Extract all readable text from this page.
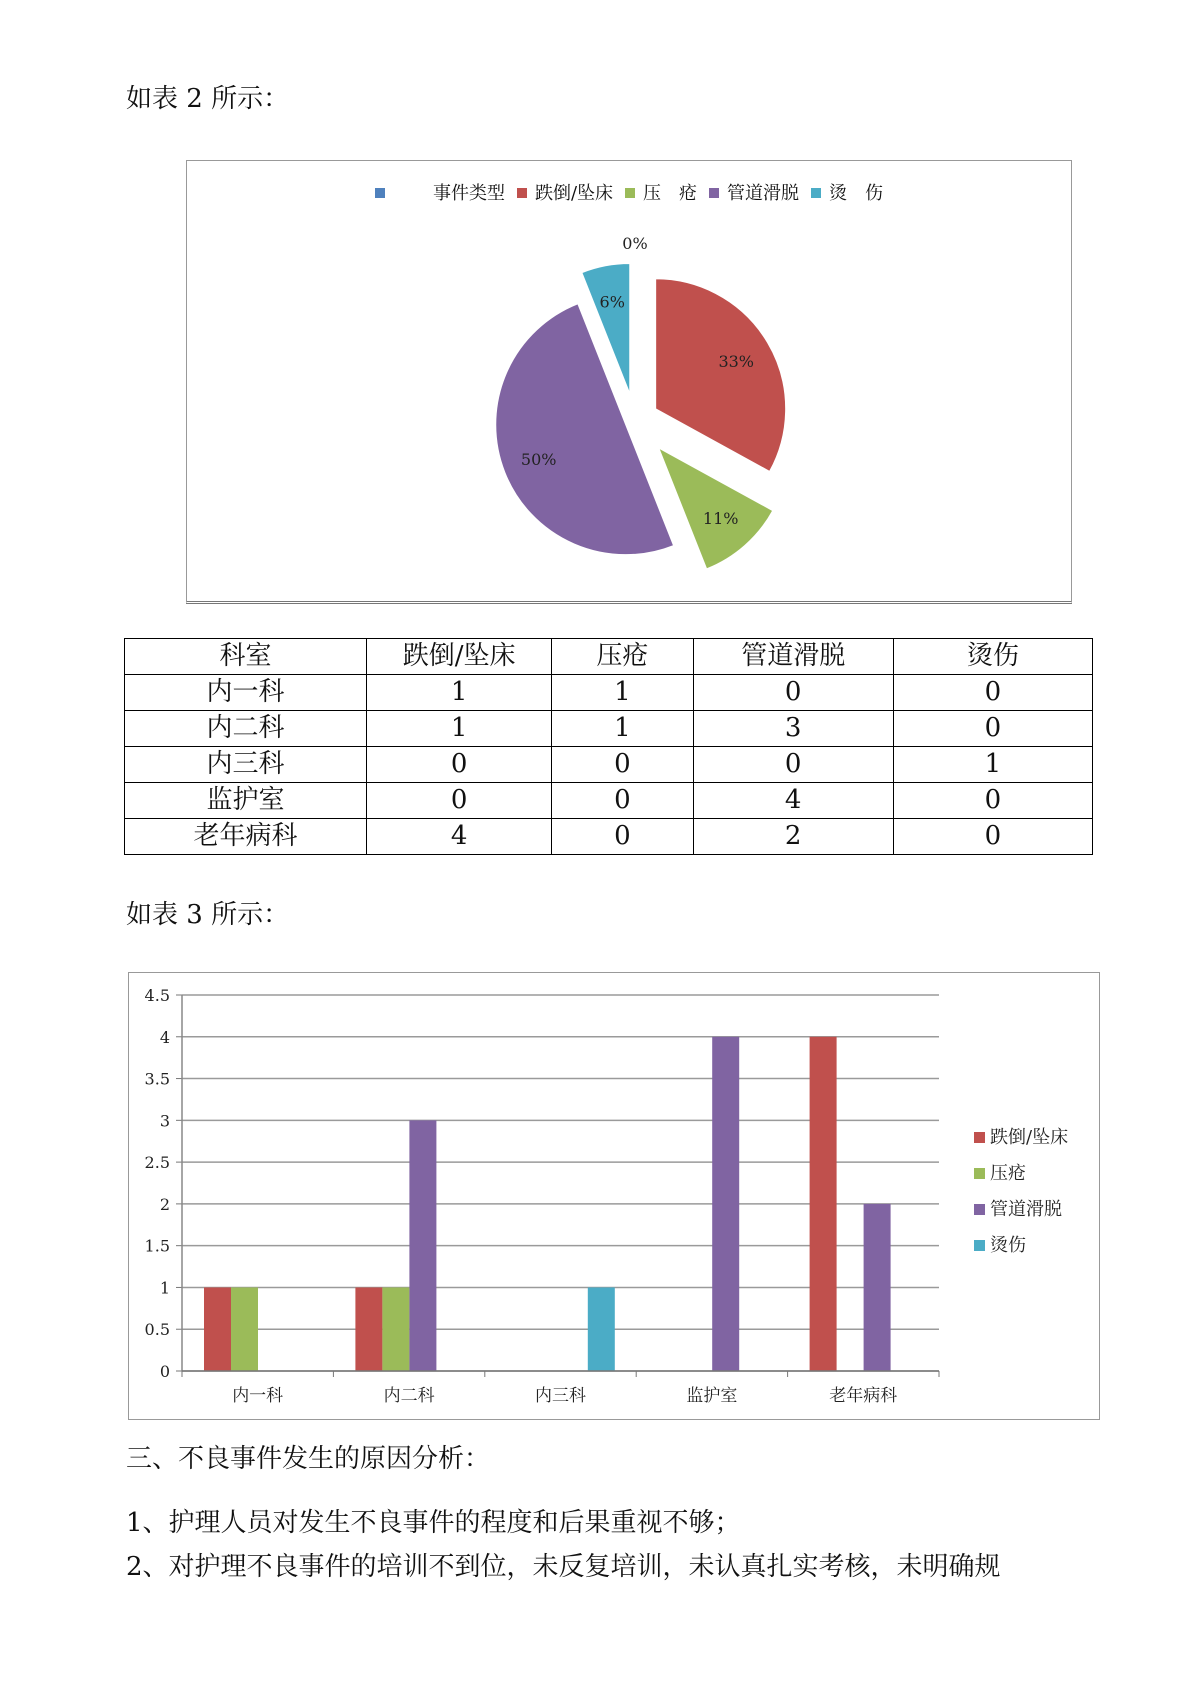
如表 2 所示：
事件类型 跌倒/坠床 压　疮 管道滑脱 烫　伤
0%
33%
11%
50%
6%
科室	跌倒/坠床	压疮	管道滑脱	烫伤
内一科	1	1	0	0
内二科	1	1	3	0
内三科	0	0	0	1
监护室	0	0	4	0
老年病科	4	0	2	0
如表 3 所示：
0
0.5
1
1.5
2
2.5
3
3.5
4
4.5
内一科	内二科	内三科	监护室	老年病科
跌倒/坠床
压疮
管道滑脱
烫伤
三、不良事件发生的原因分析：
1、护理人员对发生不良事件的程度和后果重视不够；
2、对护理不良事件的培训不到位，未反复培训，未认真扎实考核，未明确规
